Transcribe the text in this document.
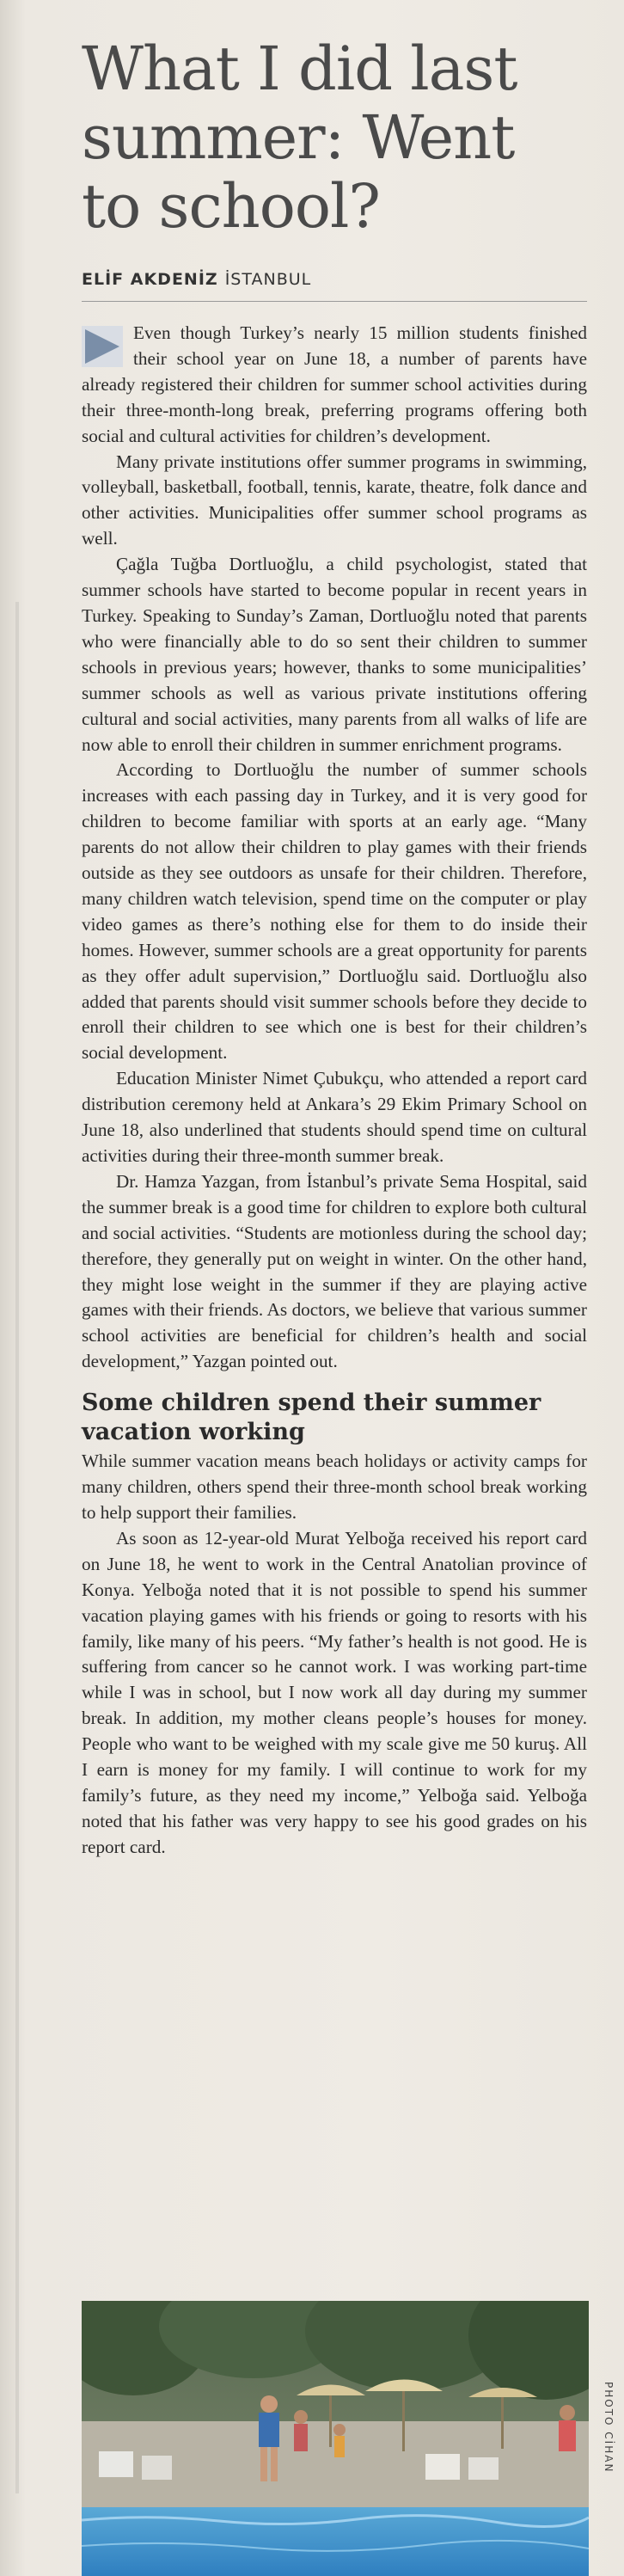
What I did last summer: Went to school?
ELİF AKDENİZ İSTANBUL

Even though Turkey’s nearly 15 million students finished their school year on June 18, a number of parents have already registered their children for summer school activities during their three-month-long break, preferring programs offering both social and cultural activities for children’s development.

Many private institutions offer summer programs in swimming, volleyball, basketball, football, tennis, karate, theatre, folk dance and other activities. Municipalities offer summer school programs as well.

Çağla Tuğba Dortluoğlu, a child psychologist, stated that summer schools have started to become popular in recent years in Turkey. Speaking to Sunday’s Zaman, Dortluoğlu noted that parents who were financially able to do so sent their children to summer schools in previous years; however, thanks to some municipalities’ summer schools as well as various private institutions offering cultural and social activities, many parents from all walks of life are now able to enroll their children in summer enrichment programs.

According to Dortluoğlu the number of summer schools increases with each passing day in Turkey, and it is very good for children to become familiar with sports at an early age. “Many parents do not allow their children to play games with their friends outside as they see outdoors as unsafe for their children. Therefore, many children watch television, spend time on the computer or play video games as there’s nothing else for them to do inside their homes. However, summer schools are a great opportunity for parents as they offer adult supervision,” Dortluoğlu said. Dortluoğlu also added that parents should visit summer schools before they decide to enroll their children to see which one is best for their children’s social development.

Education Minister Nimet Çubukçu, who attended a report card distribution ceremony held at Ankara’s 29 Ekim Primary School on June 18, also underlined that students should spend time on cultural activities during their three-month summer break.

Dr. Hamza Yazgan, from İstanbul’s private Sema Hospital, said the summer break is a good time for children to explore both cultural and social activities. “Students are motionless during the school day; therefore, they generally put on weight in winter. On the other hand, they might lose weight in the summer if they are playing active games with their friends. As doctors, we believe that various summer school activities are beneficial for children’s health and social development,” Yazgan pointed out.

Some children spend their summer vacation working

While summer vacation means beach holidays or activity camps for many children, others spend their three-month school break working to help support their families.

As soon as 12-year-old Murat Yelboğa received his report card on June 18, he went to work in the Central Anatolian province of Konya. Yelboğa noted that it is not possible to spend his summer vacation playing games with his friends or going to resorts with his family, like many of his peers. “My father’s health is not good. He is suffering from cancer so he cannot work. I was working part-time while I was in school, but I now work all day during my summer break. In addition, my mother cleans people’s houses for money. People who want to be weighed with my scale give me 50 kuruş. All I earn is money for my family. I will continue to work for my family’s future, as they need my income,” Yelboğa said. Yelboğa noted that his father was very happy to see his good grades on his report card.

PHOTO CİHAN
